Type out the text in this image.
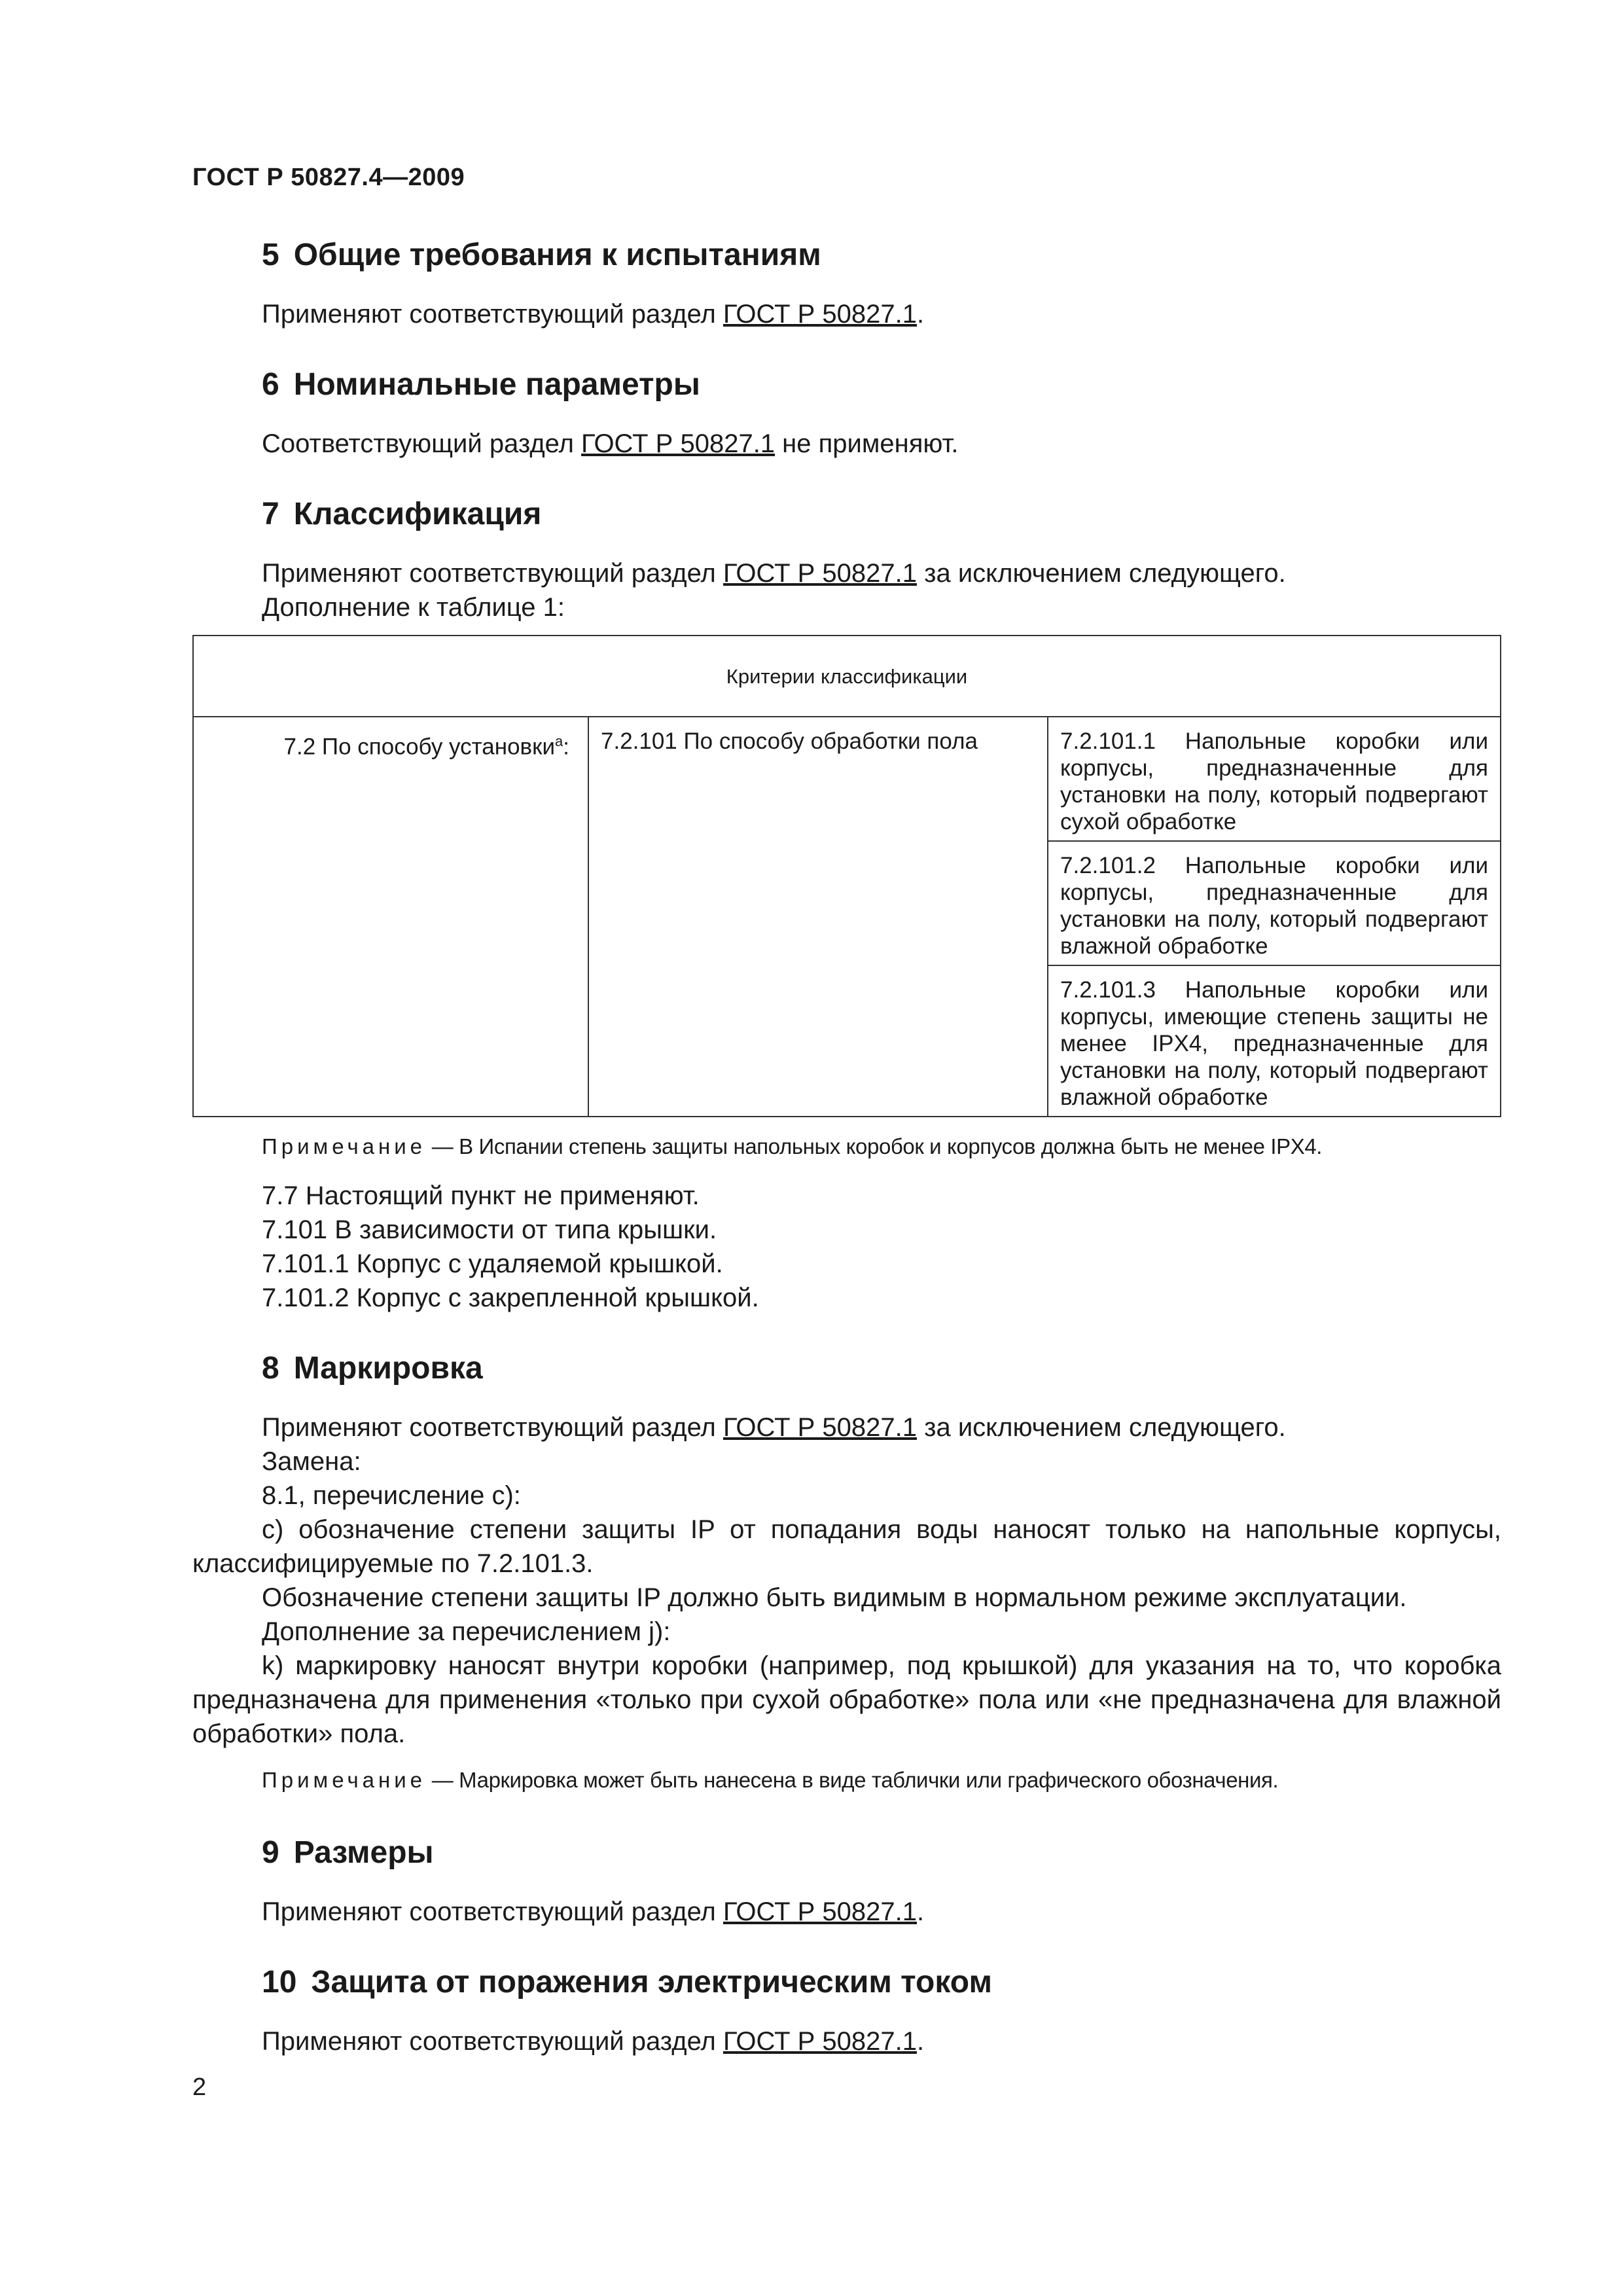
ГОСТ Р 50827.4—2009
5 Общие требования к испытаниям

Применяют соответствующий раздел ГОСТ Р 50827.1.

6 Номинальные параметры

Соответствующий раздел ГОСТ Р 50827.1 не применяют.

7 Классификация

Применяют соответствующий раздел ГОСТ Р 50827.1 за исключением следующего.

Дополнение к таблице 1:

Критерии классификации
7.2 По способу установки$^a$:	7.2.101 По способу обработки пола	7.2.101.1 Напольные коробки или корпусы, предназначенные для установки на полу, который подвергают сухой обработке
7.2.101.2 Напольные коробки или корпусы, предназначенные для установки на полу, который подвергают влажной обработке
7.2.101.3 Напольные коробки или корпусы, имеющие степень защиты не менее IPX4, предназначенные для установки на полу, который подвергают влажной обработке

Примечание — В Испании степень защиты напольных коробок и корпусов должна быть не менее IPX4.

7.7 Настоящий пункт не применяют.

7.101 В зависимости от типа крышки.

7.101.1 Корпус с удаляемой крышкой.

7.101.2 Корпус с закрепленной крышкой.

8 Маркировка

Применяют соответствующий раздел ГОСТ Р 50827.1 за исключением следующего.

Замена:

8.1, перечисление с):

с) обозначение степени защиты IP от попадания воды наносят только на напольные корпусы, классифицируемые по 7.2.101.3.

Обозначение степени защиты IP должно быть видимым в нормальном режиме эксплуатации.

Дополнение за перечислением j):

k) маркировку наносят внутри коробки (например, под крышкой) для указания на то, что коробка предназначена для применения «только при сухой обработке» пола или «не предназначена для влажной обработки» пола.

Примечание — Маркировка может быть нанесена в виде таблички или графического обозначения.

9 Размеры

Применяют соответствующий раздел ГОСТ Р 50827.1.

10 Защита от поражения электрическим током

Применяют соответствующий раздел ГОСТ Р 50827.1.

2
